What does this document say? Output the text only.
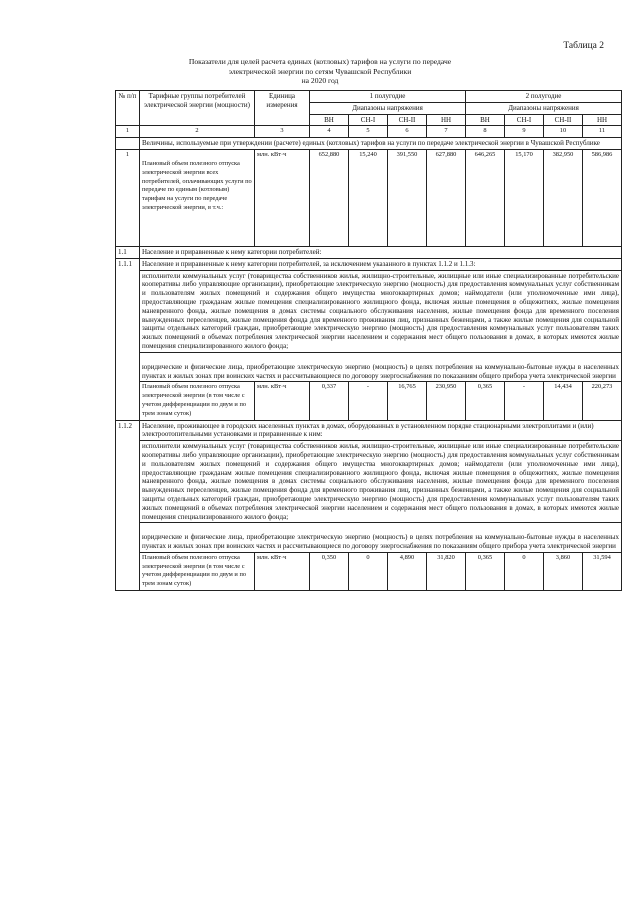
Таблица 2
Показатели для целей расчета единых (котловых) тарифов на услуги по передаче
электрической энергии по сетям Чувашской Республики
на 2020 год
№ п/п	Тарифные группы потребителей электрической энергии (мощности)	Единица измерения	1 полугодие				2 полугодие			
			Диапазоны напряжения				Диапазоны напряжения			
			ВН	СН-I	СН-II	НН	ВН	СН-I	СН-II	НН
1	2	3	4	5	6	7	8	9	10	11
	Величины, используемые при утверждении (расчете) единых (котловых) тарифов на услуги по передаче электрической энергии в Чувашской Республике									
1	Плановый объем полезного отпуска электрической энергии всех потребителей, оплачивающих услуги по передаче по единым (котловым) тарифам на услуги по передаче электрической энергии, в т.ч.:	млн. кВт·ч	652,880	15,240	391,550	627,880	646,265	15,170	382,950	586,986
1.1	Население и приравненные к нему категории потребителей:									
1.1.1	Население и приравненные к нему категории потребителей, за исключением указанного в пунктах 1.1.2 и 1.1.3:									
	исполнители коммунальных услуг (товарищества собственников жилья, жилищно-строительные, жилищные или иные специализированные потребительские кооперативы либо управляющие организации), приобретающие электрическую энергию (мощность) для предоставления коммунальных услуг собственникам и пользователям жилых помещений и содержания общего имущества многоквартирных домов; наймодатели (или уполномоченные ими лица), предоставляющие гражданам жилые помещения специализированного жилищного фонда, включая жилые помещения в общежитиях, жилые помещения маневренного фонда, жилые помещения в домах системы социального обслуживания населения, жилые помещения фонда для временного поселения вынужденных переселенцев, жилые помещения фонда для временного проживания лиц, признанных беженцами, а также жилые помещения для социальной защиты отдельных категорий граждан, приобретающие электрическую энергию (мощность) для предоставления коммунальных услуг пользователям таких жилых помещений в объемах потребления электрической энергии населением и содержания мест общего пользования в домах, в которых имеются жилые помещения специализированного жилого фонда;									
	юридические и физические лица, приобретающие электрическую энергию (мощность) в целях потребления на коммунально-бытовые нужды в населенных пунктах и жилых зонах при воинских частях и рассчитывающиеся по договору энергоснабжения по показаниям общего прибора учета электрической энергии									
	Плановый объем полезного отпуска электрической энергии (в том числе с учетом дифференциации по двум и по трем зонам суток)	млн. кВт·ч	0,337	-	16,765	230,950	0,365	-	14,434	220,273
1.1.2	Население, проживающее в городских населенных пунктах в домах, оборудованных в установленном порядке стационарными электроплитами и (или) электроотопительными установками и приравненные к ним:									
	исполнители коммунальных услуг (товарищества собственников жилья, жилищно-строительные, жилищные или иные специализированные потребительские кооперативы либо управляющие организации), приобретающие электрическую энергию (мощность) для предоставления коммунальных услуг собственникам и пользователям жилых помещений и содержания общего имущества многоквартирных домов; наймодатели (или уполномоченные ими лица), предоставляющие гражданам жилые помещения специализированного жилищного фонда, включая жилые помещения в общежитиях, жилые помещения маневренного фонда, жилые помещения в домах системы социального обслуживания населения, жилые помещения фонда для временного поселения вынужденных переселенцев, жилые помещения фонда для временного проживания лиц, признанных беженцами, а также жилые помещения для социальной защиты отдельных категорий граждан, приобретающие электрическую энергию (мощность) для предоставления коммунальных услуг пользователям таких жилых помещений в объемах потребления электрической энергии населением и содержания мест общего пользования в домах, в которых имеются жилые помещения специализированного жилого фонда;									
	юридические и физические лица, приобретающие электрическую энергию (мощность) в целях потребления на коммунально-бытовые нужды в населенных пунктах и жилых зонах при воинских частях и рассчитывающиеся по договору энергоснабжения по показаниям общего прибора учета электрической энергии									
	Плановый объем полезного отпуска электрической энергии (в том числе с учетом дифференциации по двум и по трем зонам суток)	млн. кВт·ч	0,350	0	4,890	31,820	0,365	0	3,860	31,594
